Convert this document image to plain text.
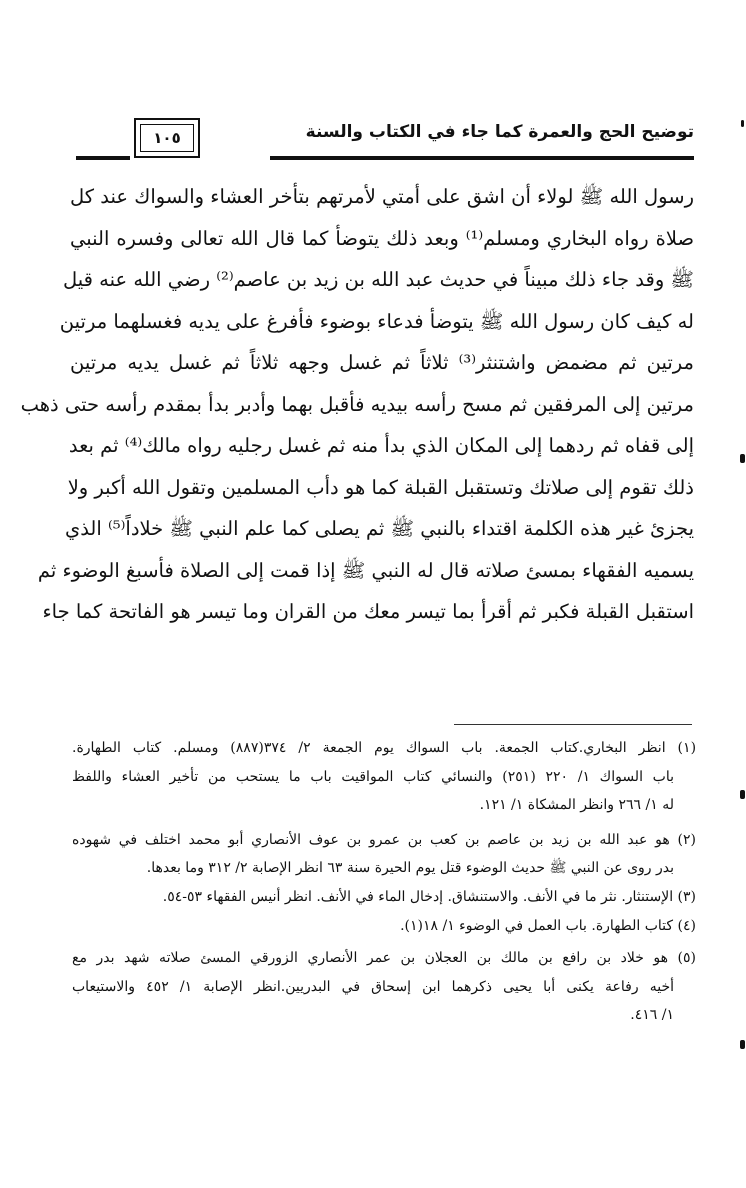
توضيح الحج والعمرة كما جاء في الكتاب والسنة
١٠٥
رسول الله ﷺ لولاء أن اشق على أمتي لأمرتهم بتأخر العشاء والسواك عند كل
صلاة رواه البخاري ومسلم⁽¹⁾ وبعد ذلك يتوضأ كما قال الله تعالى وفسره النبي
ﷺ وقد جاء ذلك مبيناً في حديث عبد الله بن زيد بن عاصم⁽²⁾ رضي الله عنه قيل
له كيف كان رسول الله ﷺ يتوضأ فدعاء بوضوء فأفرغ على يديه فغسلهما مرتين
مرتين ثم مضمض واشتنثر⁽³⁾ ثلاثاً ثم غسل وجهه ثلاثاً ثم غسل يديه مرتين
مرتين إلى المرفقين ثم مسح رأسه بيديه فأقبل بهما وأدبر بدأ بمقدم رأسه حتى ذهب
إلى قفاه ثم ردهما إلى المكان الذي بدأ منه ثم غسل رجليه رواه مالك⁽⁴⁾ ثم بعد
ذلك تقوم إلى صلاتك وتستقبل القبلة كما هو دأب المسلمين وتقول الله أكبر ولا
يجزئ غير هذه الكلمة اقتداء بالنبي ﷺ ثم يصلى كما علم النبي ﷺ خلاداً⁽⁵⁾ الذي
يسميه الفقهاء بمسئ صلاته قال له النبي ﷺ إذا قمت إلى الصلاة فأسبغ الوضوء ثم
استقبل القبلة فكبر ثم أقرأ بما تيسر معك من القران وما تيسر هو الفاتحة كما جاء
(١) انظر البخاري.كتاب الجمعة. باب السواك يوم الجمعة ٢/ ٣٧٤(٨٨٧) ومسلم. كتاب الطهارة.
باب السواك ١/ ٢٢٠ (٢٥١) والنسائي كتاب المواقيت باب ما يستحب من تأخير العشاء واللفظ
له ١/ ٢٦٦ وانظر المشكاة ١/ ١٢١.
(٢) هو عبد الله بن زيد بن عاصم بن كعب بن عمرو بن عوف الأنصاري أبو محمد اختلف في شهوده
بدر روى عن النبي ﷺ حديث الوضوء قتل يوم الحيرة سنة ٦٣ انظر الإصابة ٢/ ٣١٢ وما بعدها.
(٣) الإستنثار. نثر ما في الأنف. والاستنشاق. إدخال الماء في الأنف. انظر أنيس الفقهاء ٥٣-٥٤.
(٤) كتاب الطهارة. باب العمل في الوضوء ١/ ١٨(١).
(٥) هو خلاد بن رافع بن مالك بن العجلان بن عمر الأنصاري الزورقي المسئ صلاته شهد بدر مع
أخيه رفاعة يكنى أبا يحيى ذكرهما ابن إسحاق في البدريين.انظر الإصابة ١/ ٤٥٢ والاستيعاب
١/ ٤١٦.
